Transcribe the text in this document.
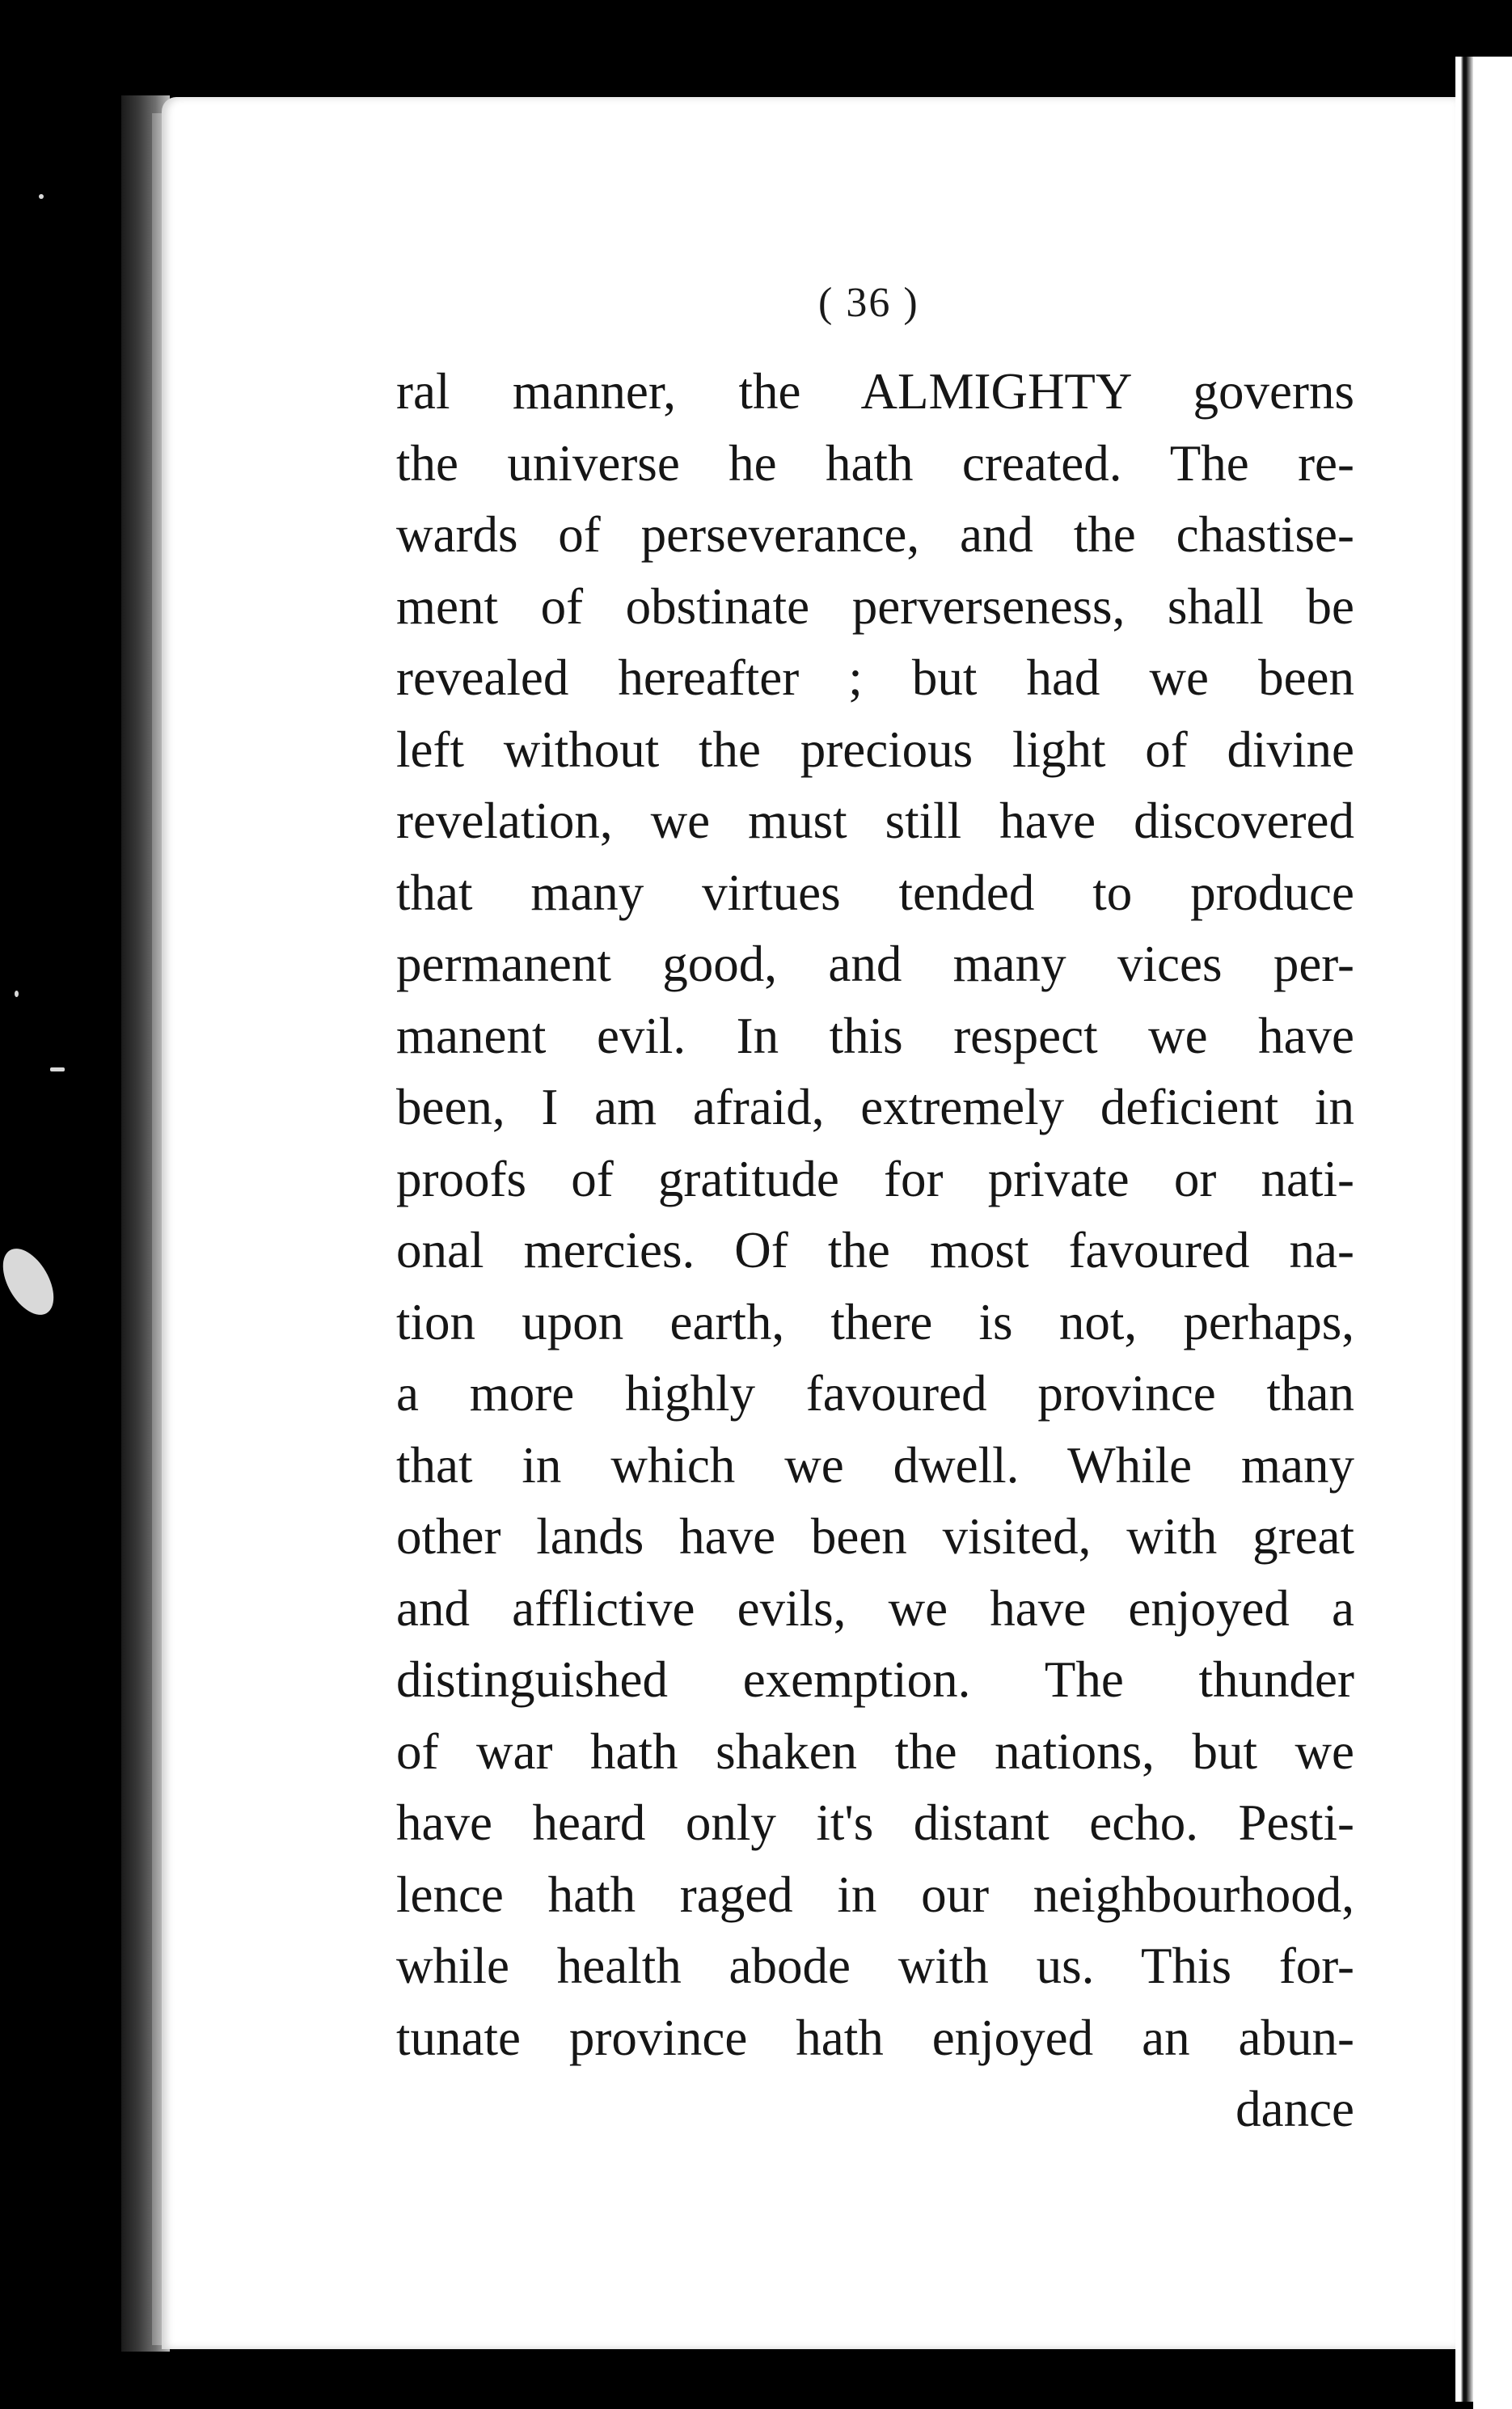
( 36 )
ral manner, the ALMIGHTY governs
the universe he hath created. The re-
wards of perseverance, and the chastise-
ment of obstinate perverseness, shall be
revealed hereafter ; but had we been
left without the precious light of divine
revelation, we must still have discovered
that many virtues tended to produce
permanent good, and many vices per-
manent evil. In this respect we have
been, I am afraid, extremely deficient in
proofs of gratitude for private or nati-
onal mercies. Of the most favoured na-
tion upon earth, there is not, perhaps,
a more highly favoured province than
that in which we dwell. While many
other lands have been visited, with great
and afflictive evils, we have enjoyed a
distinguished exemption. The thunder
of war hath shaken the nations, but we
have heard only it's distant echo. Pesti-
lence hath raged in our neighbourhood,
while health abode with us. This for-
tunate province hath enjoyed an abun-
dance
